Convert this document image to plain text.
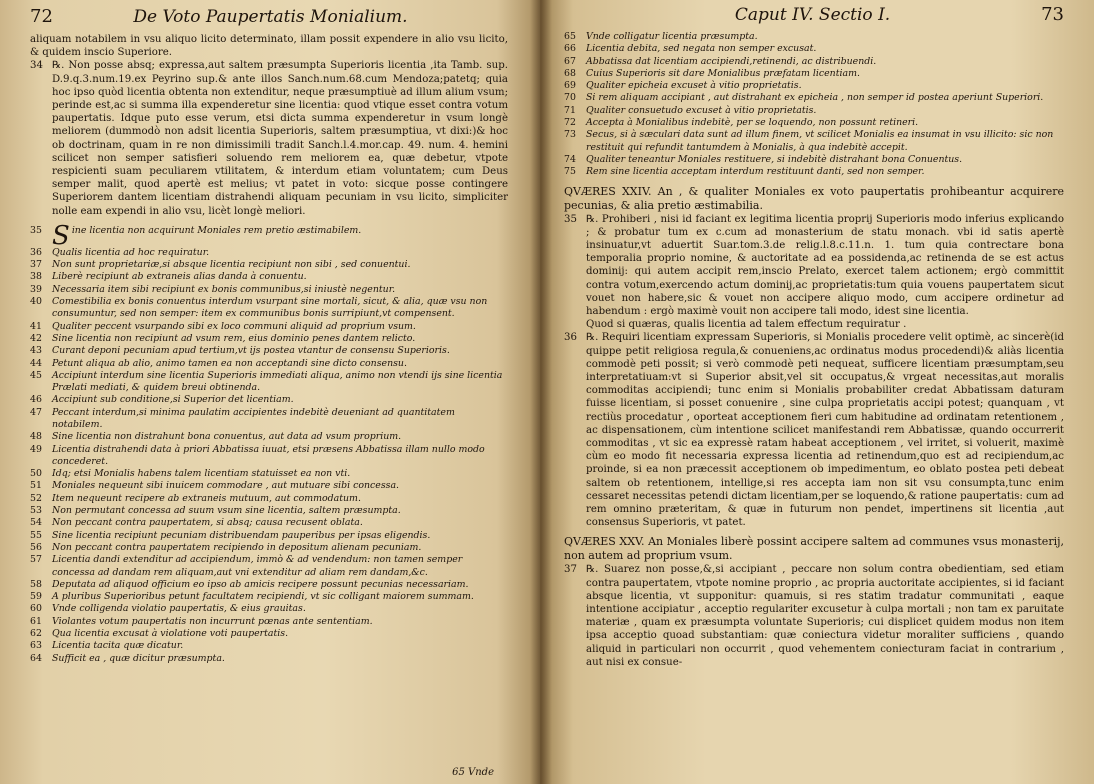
72	De Voto Paupertatis Monialium.

aliquam notabilem in vsu aliquo licito determinato, illam possit expendere in alio vsu licito, & quidem inscio Superiore.

34 ℞. Non posse absq; expressa,aut saltem præsumpta Superioris licentia ,ita Tamb. sup. D.9.q.3.num.19.ex Peyrino sup.& ante illos Sanch.num.68.cum Mendoza;patetq; quia hoc ipso quòd licentia obtenta non extenditur, neque præsumptiuè ad illum alium vsum; perinde est,ac si summa illa expenderetur sine licentia: quod vtique esset contra votum paupertatis. Idque puto esse verum, etsi dicta summa expenderetur in vsum longè meliorem (dummodò non adsit licentia Superioris, saltem præsumptiua, vt dixi:)& hoc ob doctrinam, quam in re non dimissimili tradit Sanch.l.4.mor.cap. 49. num. 4. hemini scilicet non semper satisfieri soluendo rem meliorem ea, quæ debetur, vtpote respicienti suam peculiarem vtilitatem, & interdum etiam voluntatem; cum Deus semper malit, quod apertè est melius; vt patet in voto: sicque posse contingere Superiorem dantem licentiam distrahendi aliquam pecuniam in vsu licito, simpliciter nolle eam expendi in alio vsu, licèt longè meliori.
35 Sine licentia non acquirunt Moniales rem pretio æstimabilem.
36	Qualis licentia ad hoc requiratur.
37	Non sunt proprietariæ,si absque licentia recipiunt non sibi , sed conuentui.
38	Liberè recipiunt ab extraneis alias danda à conuentu.
39	Necessaria item sibi recipiunt ex bonis communibus,si iniustè negentur.
40	Comestibilia ex bonis conuentus interdum vsurpant sine mortali, sicut, & alia, quæ vsu non consumuntur, sed non semper: item ex communibus bonis surripiunt,vt compensent.
41	Qualiter peccent vsurpando sibi ex loco communi aliquid ad proprium vsum.
42	Sine licentia non recipiunt ad vsum rem, eius dominio penes dantem relicto.
43	Curant deponi pecuniam apud tertium,vt ijs postea vtantur de consensu Superioris.
44	Petunt aliqua ab alio, animo tamen ea non acceptandi sine dicto consensu.
45	Accipiunt interdum sine licentia Superioris immediati aliqua, animo non vtendi ijs sine licentia Prælati mediati, & quidem breui obtinenda.
46	Accipiunt sub conditione,si Superior det licentiam.
47	Peccant interdum,si minima paulatim accipientes indebitè deueniant ad quantitatem notabilem.
48	Sine licentia non distrahunt bona conuentus, aut data ad vsum proprium.
49	Licentia distrahendi data à priori Abbatissa iuuat, etsi præsens Abbatissa illam nullo modo concederet.
50	Idq; etsi Monialis habens talem licentiam statuisset ea non vti.
51	Moniales nequeunt sibi inuicem commodare , aut mutuare sibi concessa.
52	Item nequeunt recipere ab extraneis mutuum, aut commodatum.
53	Non permutant concessa ad suum vsum sine licentia, saltem præsumpta.
54	Non peccant contra paupertatem, si absq; causa recusent oblata.
55	Sine licentia recipiunt pecuniam distribuendam pauperibus per ipsas eligendis.
56	Non peccant contra paupertatem recipiendo in depositum alienam pecuniam.
57	Licentia dandi extenditur ad accipiendum, immò & ad vendendum: non tamen semper concessa ad dandam rem aliquam,aut vni extenditur ad aliam rem dandam,&c.
58	Deputata ad aliquod officium eo ipso ab amicis recipere possunt pecunias necessariam.
59	A pluribus Superioribus petunt facultatem recipiendi, vt sic colligant maiorem summam.
60	Vnde colligenda violatio paupertatis, & eius grauitas.
61	Violantes votum paupertatis non incurrunt pœnas ante sententiam.
62	Qua licentia excusat à violatione voti paupertatis.
63	Licentia tacita quæ dicatur.
64	Sufficit ea , quæ dicitur præsumpta.
65 Vnde
Caput IV. Sectio I.	73
65	Vnde colligatur licentia præsumpta.
66	Licentia debita, sed negata non semper excusat.
67	Abbatissa dat licentiam accipiendi,retinendi, ac distribuendi.
68	Cuius Superioris sit dare Monialibus præfatam licentiam.
69	Qualiter epicheia excuset à vitio proprietatis.
70	Si rem aliquam accipiant , aut distrahant ex epicheia , non semper id postea aperiunt Superiori.
71	Qualiter consuetudo excuset à vitio proprietatis.
72	Accepta à Monialibus indebitè, per se loquendo, non possunt retineri.
73	Secus, si à sæculari data sunt ad illum finem, vt scilicet Monialis ea insumat in vsu illicito: sic non restituit qui refundit tantumdem à Monialis, à qua indebitè accepit.
74	Qualiter teneantur Moniales restituere, si indebitè distrahant bona Conuentus.
75	Rem sine licentia acceptam interdum restituunt danti, sed non semper.

QVÆRES XXIV. An , & qualiter Moniales ex voto paupertatis prohibeantur acquirere pecunias, & alia pretio æstimabilia.

35 ℞. Prohiberi , nisi id faciant ex legitima licentia proprij Superioris modo inferius explicando ; & probatur tum ex c.cum ad monasterium de statu monach. vbi id satis apertè insinuatur,vt aduertit Suar.tom.3.de relig.l.8.c.11.n. 1. tum quia contrectare bona temporalia proprio nomine, & auctoritate ad ea possidenda,ac retinenda de se est actus dominij: qui autem accipit rem,inscio Prelato, exercet talem actionem; ergò committit contra votum,exercendo actum dominij,ac proprietatis:tum quia vouens paupertatem sicut vouet non habere,sic & vouet non accipere aliquo modo, cum accipere ordinetur ad habendum : ergò maximè vouit non accipere tali modo, idest sine licentia.

Quod si quæras, qualis licentia ad talem effectum requiratur .

36 ℞. Requiri licentiam expressam Superioris, si Monialis procedere velit optimè, ac sincerè(id quippe petit religiosa regula,& conueniens,ac ordinatus modus procedendi)& aliàs licentia commodè peti possit; si verò commodè peti nequeat, sufficere licentiam præsumptam,seu interpretatiuam:vt si Superior absit,vel sit occupatus,& vrgeat necessitas,aut moralis commoditas accipiendi; tunc enim si Monialis probabiliter credat Abbatissam daturam fuisse licentiam, si posset conuenire , sine culpa proprietatis accipi potest; quanquam , vt rectiùs procedatur , oporteat acceptionem fieri cum habitudine ad ordinatam retentionem , ac dispensationem, cùm intentione scilicet manifestandi rem Abbatissæ, quando occurrerit commoditas , vt sic ea expressè ratam habeat acceptionem , vel irritet, si voluerit, maximè cùm eo modo fit necessaria expressa licentia ad retinendum,quo est ad recipiendum,ac proinde, si ea non præcessit acceptionem ob impedimentum, eo oblato postea peti debeat saltem ob retentionem, intellige,si res accepta iam non sit vsu consumpta,tunc enim cessaret necessitas petendi dictam licentiam,per se loquendo,& ratione paupertatis: cum ad rem omnino præteritam, & quæ in futurum non pendet, impertinens sit licentia ,aut consensus Superioris, vt patet.

QVÆRES XXV. An Moniales liberè possint accipere saltem ad communes vsus monasterij, non autem ad proprium vsum.

37 ℞. Suarez non posse,&,si accipiant , peccare non solum contra obedientiam, sed etiam contra paupertatem, vtpote nomine proprio , ac propria auctoritate accipientes, si id faciant absque licentia, vt supponitur: quamuis, si res statim tradatur communitati , eaque intentione accipiatur , acceptio regulariter excusetur à culpa mortali ; non tam ex paruitate materiæ , quam ex præsumpta voluntate Superioris; cui displicet quidem modus non item ipsa acceptio quoad substantiam: quæ coniectura videtur moraliter sufficiens , quando aliquid in particulari non occurrit , quod vehementem coniecturam faciat in contrarium , aut nisi ex consue-
